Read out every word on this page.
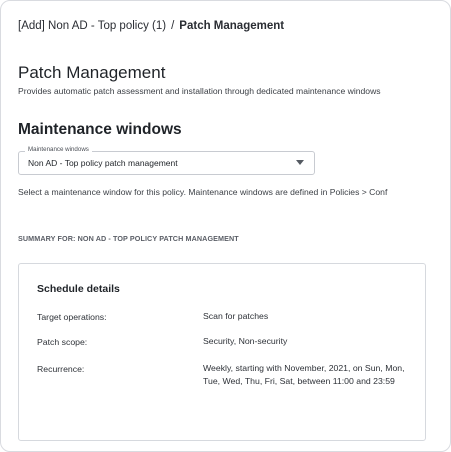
[Add] Non AD - Top policy (1) / Patch Management
Patch Management
Provides automatic patch assessment and installation through dedicated maintenance windows
Maintenance windows
Maintenance windows
Non AD - Top policy patch management
Select a maintenance window for this policy. Maintenance windows are defined in Policies > Conf
SUMMARY FOR: NON AD - TOP POLICY PATCH MANAGEMENT
Schedule details
Target operations:	Scan for patches
Patch scope:	Security, Non-security
Recurrence:	Weekly, starting with November, 2021, on Sun, Mon, Tue, Wed, Thu, Fri, Sat, between 11:00 and 23:59
